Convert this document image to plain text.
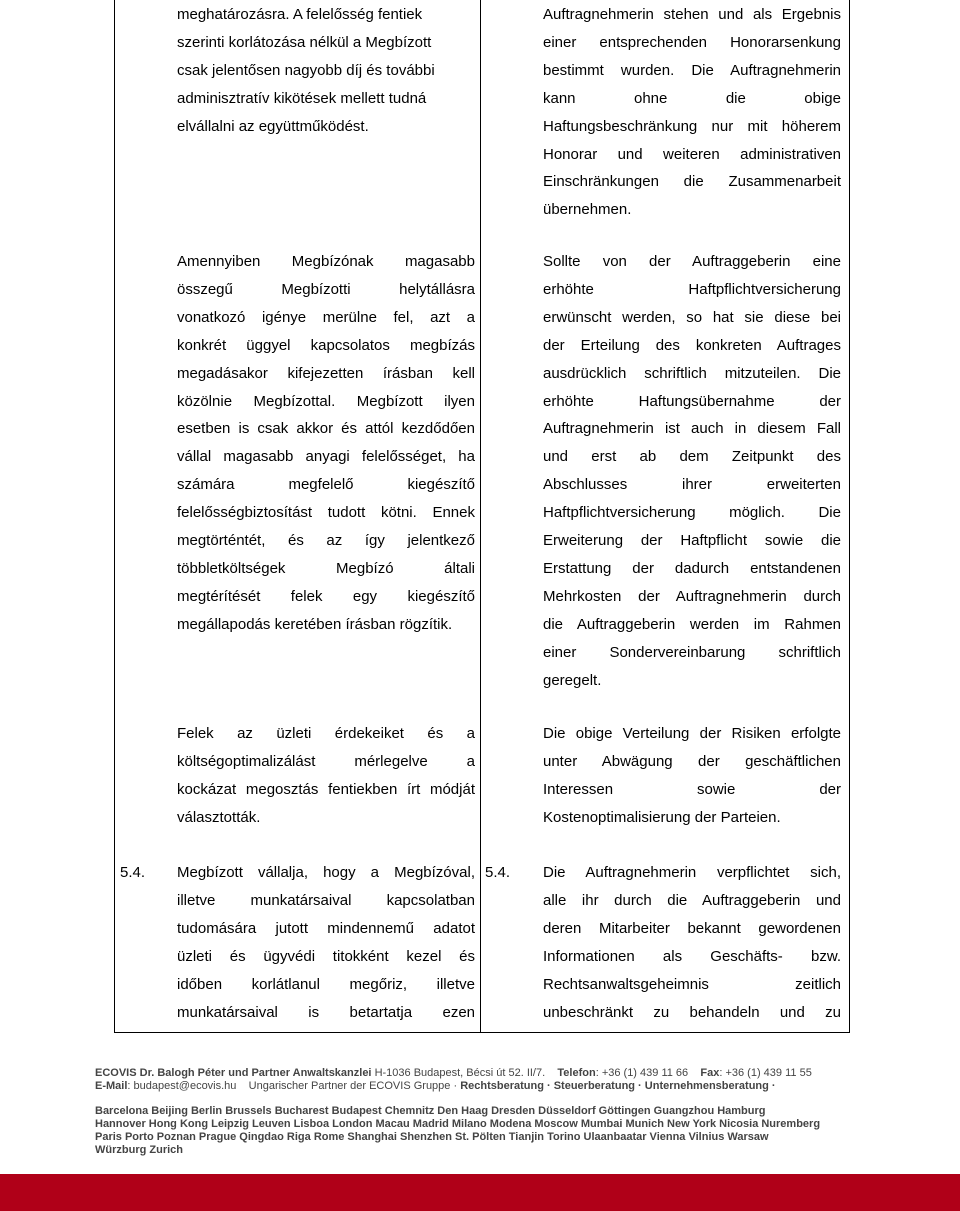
meghatározásra. A felelősség fentiek
szerinti korlátozása nélkül a Megbízott
csak jelentősen nagyobb díj és további
adminisztratív kikötések mellett tudná
elvállalni az együttműködést.
Auftragnehmerin stehen und als Ergebnis
einer entsprechenden Honorarsenkung
bestimmt wurden. Die Auftragnehmerin
kann ohne die obige
Haftungsbeschränkung nur mit höherem
Honorar und weiteren administrativen
Einschränkungen die Zusammenarbeit
übernehmen.
Amennyiben Megbízónak magasabb
összegű Megbízotti helytállásra
vonatkozó igénye merülne fel, azt a
konkrét üggyel kapcsolatos megbízás
megadásakor kifejezetten írásban kell
közölnie Megbízottal. Megbízott ilyen
esetben is csak akkor és attól kezdődően
vállal magasabb anyagi felelősséget, ha
számára megfelelő kiegészítő
felelősségbiztosítást tudott kötni. Ennek
megtörténtét, és az így jelentkező
többletköltségek Megbízó általi
megtérítését felek egy kiegészítő
megállapodás keretében írásban rögzítik.
Sollte von der Auftraggeberin eine
erhöhte Haftpflichtversicherung
erwünscht werden, so hat sie diese bei
der Erteilung des konkreten Auftrages
ausdrücklich schriftlich mitzuteilen. Die
erhöhte Haftungsübernahme der
Auftragnehmerin ist auch in diesem Fall
und erst ab dem Zeitpunkt des
Abschlusses ihrer erweiterten
Haftpflichtversicherung möglich. Die
Erweiterung der Haftpflicht sowie die
Erstattung der dadurch entstandenen
Mehrkosten der Auftragnehmerin durch
die Auftraggeberin werden im Rahmen
einer Sondervereinbarung schriftlich
geregelt.
Felek az üzleti érdekeiket és a
költségoptimalizálást mérlegelve a
kockázat megosztás fentiekben írt módját
választották.
Die obige Verteilung der Risiken erfolgte
unter Abwägung der geschäftlichen
Interessen sowie der
Kostenoptimalisierung der Parteien.
5.4.	5.4.
Megbízott vállalja, hogy a Megbízóval,
illetve munkatársaival kapcsolatban
tudomására jutott mindennemű adatot
üzleti és ügyvédi titokként kezel és
időben korlátlanul megőriz, illetve
munkatársaival is betartatja ezen
Die Auftragnehmerin verpflichtet sich,
alle ihr durch die Auftraggeberin und
deren Mitarbeiter bekannt gewordenen
Informationen als Geschäfts- bzw.
Rechtsanwaltsgeheimnis zeitlich
unbeschränkt zu behandeln und zu
ECOVIS Dr. Balogh Péter und Partner Anwaltskanzlei H-1036 Budapest, Bécsi út 52. II/7. Telefon: +36 (1) 439 11 66 Fax: +36 (1) 439 11 55
E-Mail: budapest@ecovis.hu Ungarischer Partner der ECOVIS Gruppe · Rechtsberatung · Steuerberatung · Unternehmensberatung ·
Barcelona Beijing Berlin Brussels Bucharest Budapest Chemnitz Den Haag Dresden Düsseldorf Göttingen Guangzhou Hamburg
Hannover Hong Kong Leipzig Leuven Lisboa London Macau Madrid Milano Modena Moscow Mumbai Munich New York Nicosia Nuremberg
Paris Porto Poznan Prague Qingdao Riga Rome Shanghai Shenzhen St. Pölten Tianjin Torino Ulaanbaatar Vienna Vilnius Warsaw
Würzburg Zurich
